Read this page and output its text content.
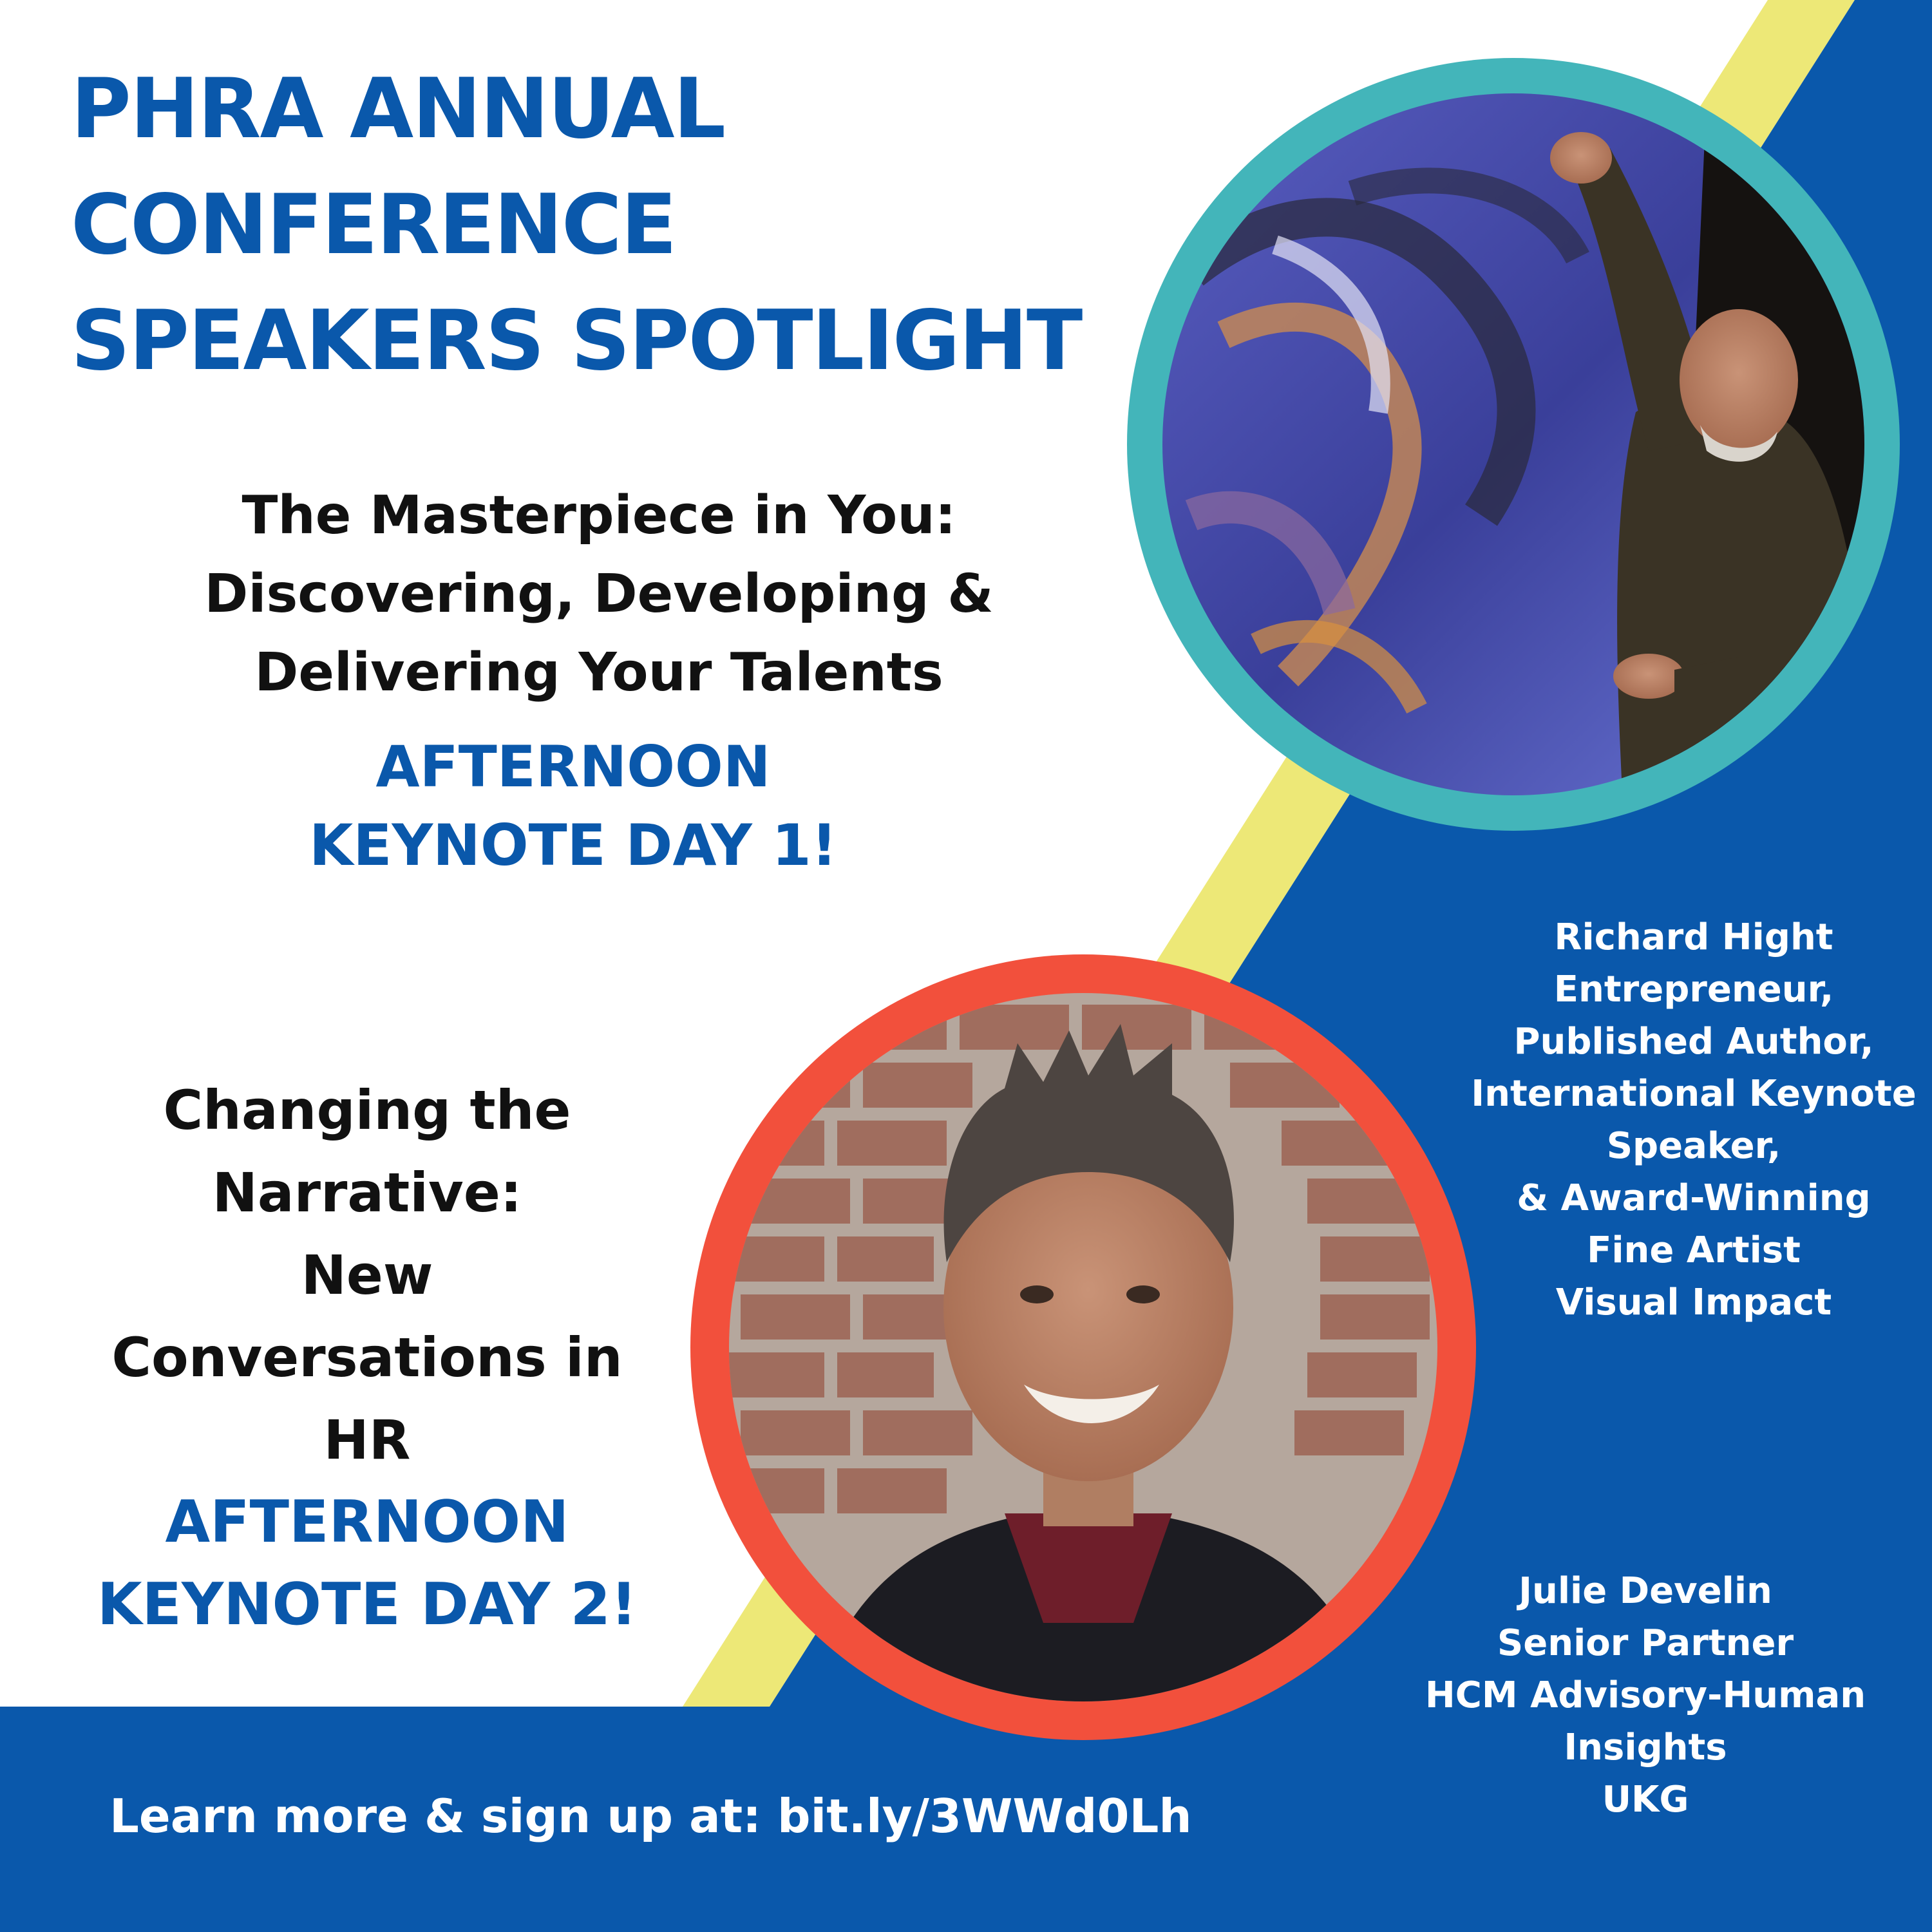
PHRA ANNUAL
CONFERENCE
SPEAKERS SPOTLIGHT
The Masterpiece in You:
Discovering, Developing &
Delivering Your Talents
AFTERNOON
KEYNOTE DAY 1!
Changing the
Narrative:
New
Conversations in
HR
AFTERNOON
KEYNOTE DAY 2!
Richard Hight
Entrepreneur,
Published Author,
International Keynote
Speaker,
& Award-Winning
Fine Artist
Visual Impact
Julie Develin
Senior Partner
HCM Advisory-Human
Insights
UKG
Learn more & sign up at: bit.ly/3WWd0Lh
